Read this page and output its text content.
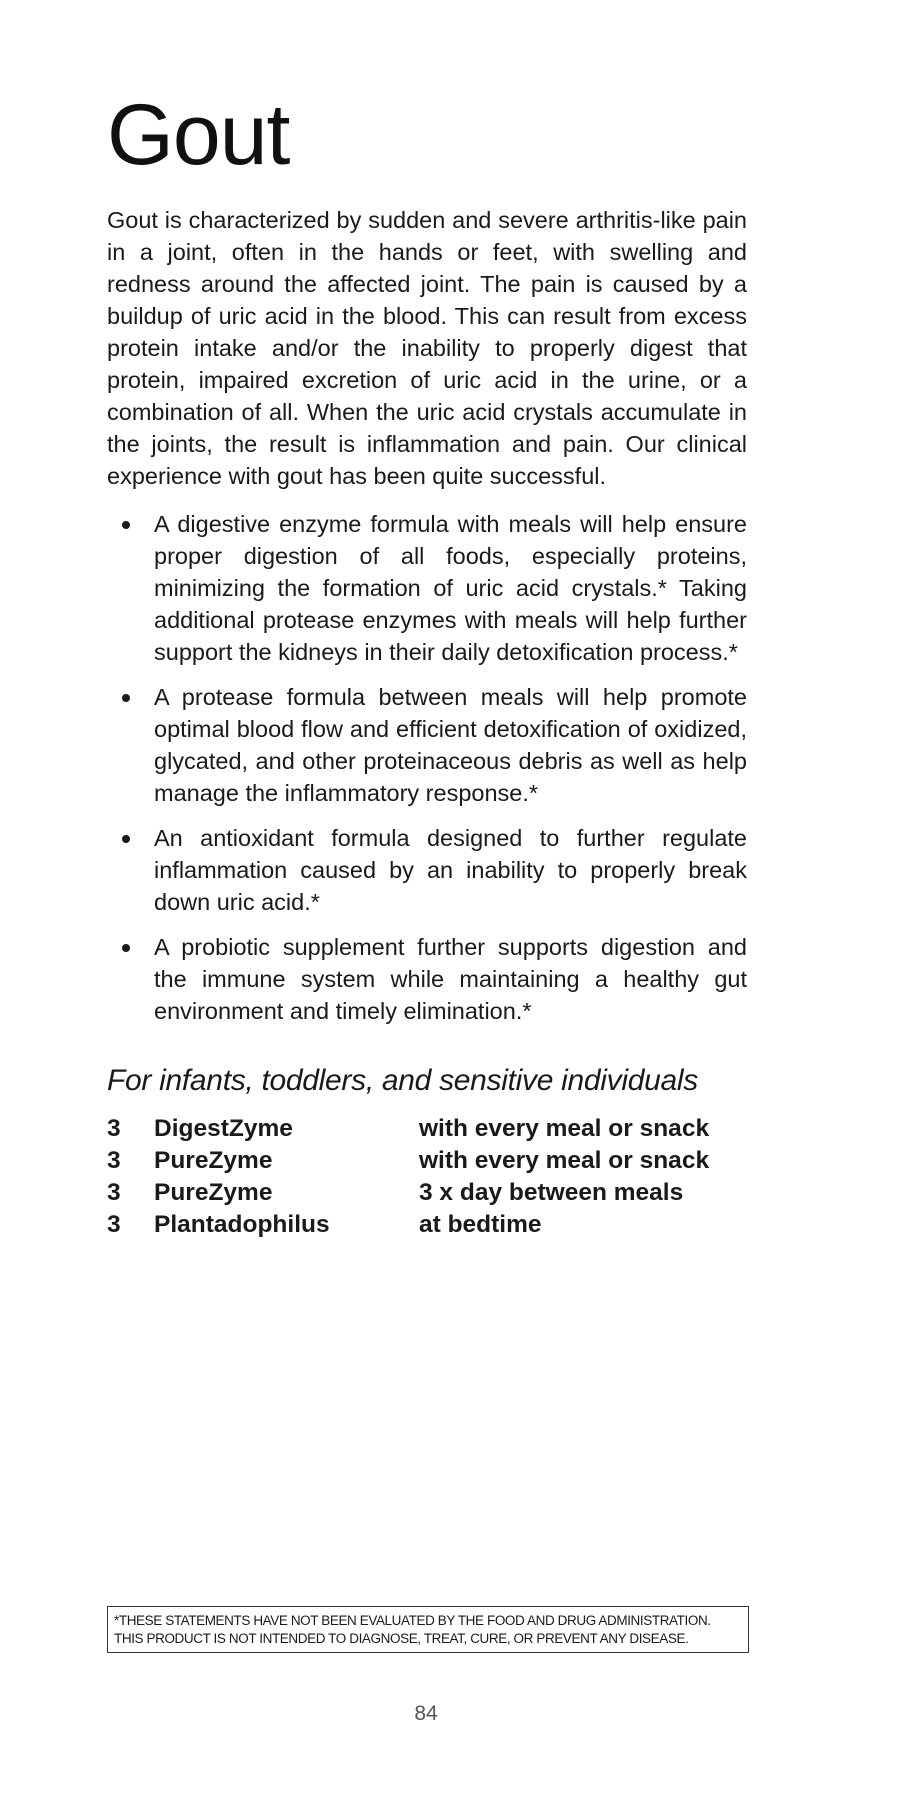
Gout

Gout is characterized by sudden and severe arthritis-like pain in a joint, often in the hands or feet, with swelling and redness around the affected joint. The pain is caused by a buildup of uric acid in the blood. This can result from excess protein intake and/or the inability to properly digest that protein, impaired excretion of uric acid in the urine, or a combination of all. When the uric acid crystals accumulate in the joints, the result is inflammation and pain. Our clinical experience with gout has been quite successful.

A digestive enzyme formula with meals will help ensure proper digestion of all foods, especially proteins, minimizing the formation of uric acid crystals.* Taking additional protease enzymes with meals will help further support the kidneys in their daily detoxification process.*
A protease formula between meals will help promote optimal blood flow and efficient detoxification of oxidized, glycated, and other proteinaceous debris as well as help manage the inflammatory response.*
An antioxidant formula designed to further regulate inflammation caused by an inability to properly break down uric acid.*
A probiotic supplement further supports digestion and the immune system while maintaining a healthy gut environment and timely elimination.*
For infants, toddlers, and sensitive individuals
3	DigestZyme	with every meal or snack
3	PureZyme	with every meal or snack
3	PureZyme	3 x day between meals
3	Plantadophilus	at bedtime
*THESE STATEMENTS HAVE NOT BEEN EVALUATED BY THE FOOD AND DRUG ADMINISTRATION.
THIS PRODUCT IS NOT INTENDED TO DIAGNOSE, TREAT, CURE, OR PREVENT ANY DISEASE.
84
